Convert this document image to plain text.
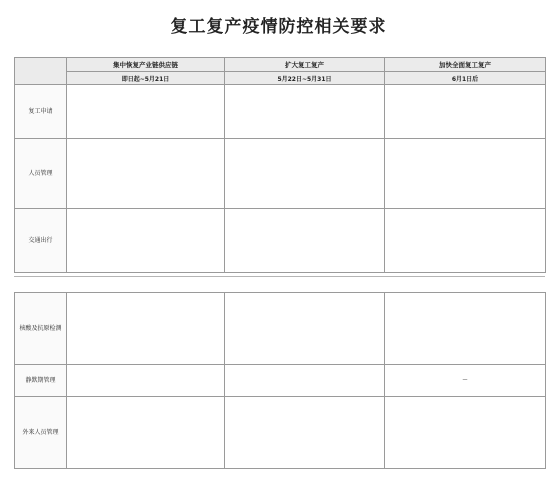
复工复产疫情防控相关要求
	集中恢复产业链供应链	扩大复工复产	加快全面复工复产
	即日起~5月21日	5月22日~5月31日	6月1日后
复工申请			
人员管理			
交通出行			
核酸及抗原检测			
静默期管理			—
外来人员管理			
